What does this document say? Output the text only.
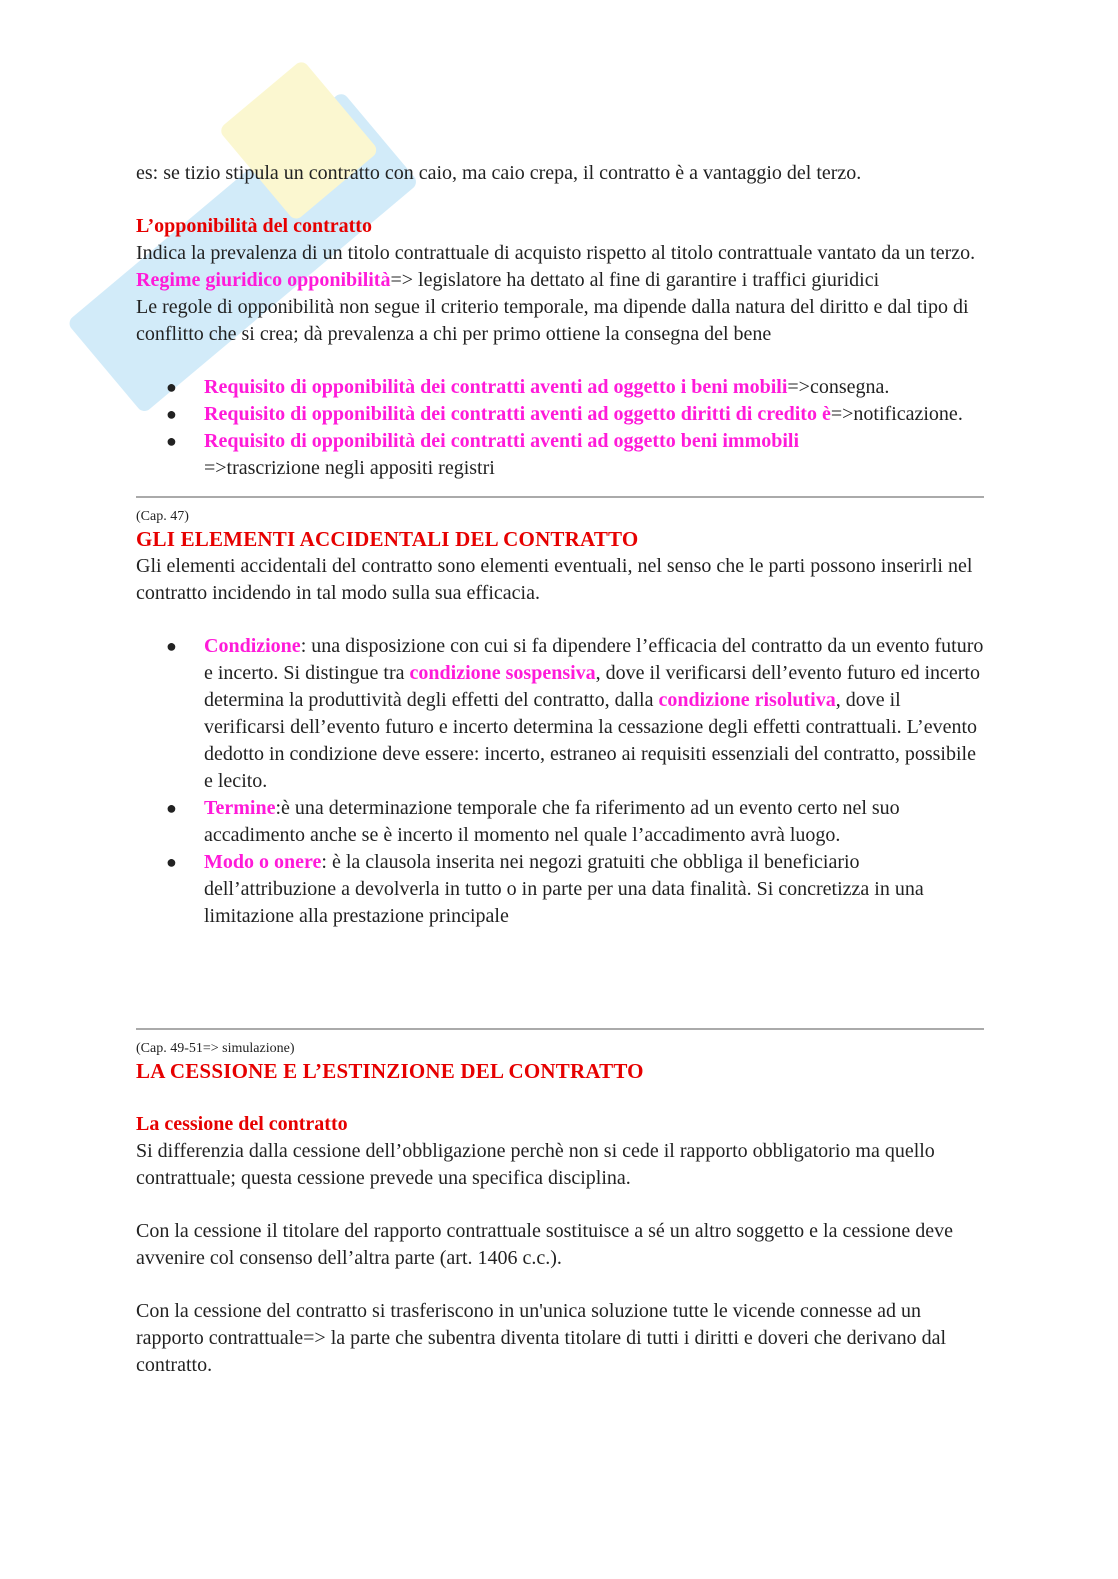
es: se tizio stipula un contratto con caio, ma caio crepa, il contratto è a vantaggio del terzo.

L’opponibilità del contratto

Indica la prevalenza di un titolo contrattuale di acquisto rispetto al titolo contrattuale vantato da un terzo.

Regime giuridico opponibilità=> legislatore ha dettato al fine di garantire i traffici giuridici

Le regole di opponibilità non segue il criterio temporale, ma dipende dalla natura del diritto e dal tipo di conflitto che si crea; dà prevalenza a chi per primo ottiene la consegna del bene

● Requisito di opponibilità dei contratti aventi ad oggetto i beni mobili=>consegna.
● Requisito di opponibilità dei contratti aventi ad oggetto diritti di credito è=>notificazione.
● Requisito di opponibilità dei contratti aventi ad oggetto beni immobili
=>trascrizione negli appositi registri

(Cap. 47)

GLI ELEMENTI ACCIDENTALI DEL CONTRATTO

Gli elementi accidentali del contratto sono elementi eventuali, nel senso che le parti possono inserirli nel contratto incidendo in tal modo sulla sua efficacia.

● Condizione: una disposizione con cui si fa dipendere l’efficacia del contratto da un evento futuro e incerto. Si distingue tra condizione sospensiva, dove il verificarsi dell’evento futuro ed incerto determina la produttività degli effetti del contratto, dalla condizione risolutiva, dove il verificarsi dell’evento futuro e incerto determina la cessazione degli effetti contrattuali. L’evento dedotto in condizione deve essere: incerto, estraneo ai requisiti essenziali del contratto, possibile e lecito.
● Termine:è una determinazione temporale che fa riferimento ad un evento certo nel suo accadimento anche se è incerto il momento nel quale l’accadimento avrà luogo.
● Modo o onere: è la clausola inserita nei negozi gratuiti che obbliga il beneficiario dell’attribuzione a devolverla in tutto o in parte per una data finalità. Si concretizza in una limitazione alla prestazione principale

(Cap. 49-51=> simulazione)

LA CESSIONE E L’ESTINZIONE DEL CONTRATTO

La cessione del contratto

Si differenzia dalla cessione dell’obbligazione perchè non si cede il rapporto obbligatorio ma quello contrattuale; questa cessione prevede una specifica disciplina.

Con la cessione il titolare del rapporto contrattuale sostituisce a sé un altro soggetto e la cessione deve avvenire col consenso dell’altra parte (art. 1406 c.c.).

Con la cessione del contratto si trasferiscono in un'unica soluzione tutte le vicende connesse ad un rapporto contrattuale=> la parte che subentra diventa titolare di tutti i diritti e doveri che derivano dal contratto.
